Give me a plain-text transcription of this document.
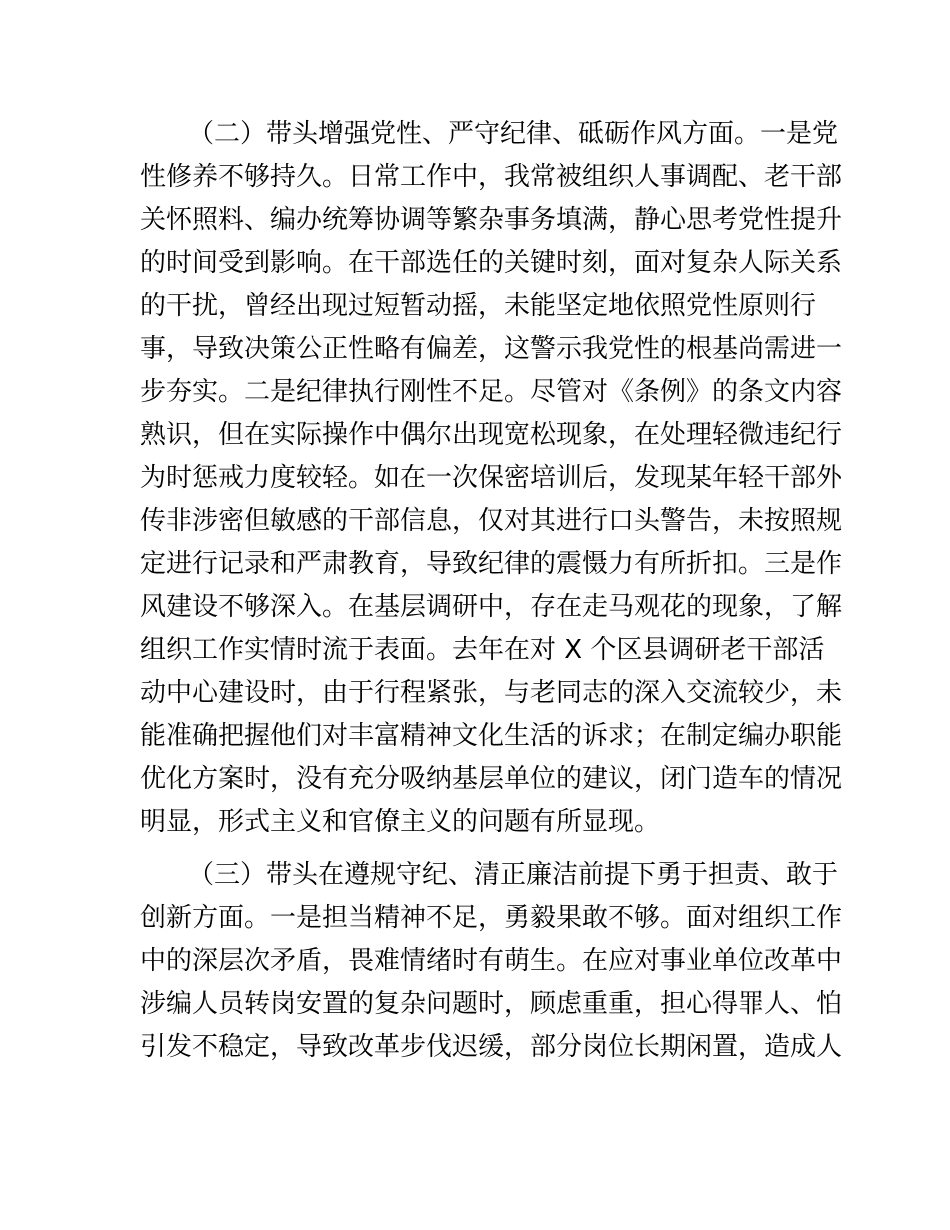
（二）带头增强党性、严守纪律、砥砺作风方面。一是党
性修养不够持久。日常工作中，我常被组织人事调配、老干部
关怀照料、编办统筹协调等繁杂事务填满，静心思考党性提升
的时间受到影响。在干部选任的关键时刻，面对复杂人际关系
的干扰，曾经出现过短暂动摇，未能坚定地依照党性原则行
事，导致决策公正性略有偏差，这警示我党性的根基尚需进一
步夯实。二是纪律执行刚性不足。尽管对《条例》的条文内容
熟识，但在实际操作中偶尔出现宽松现象，在处理轻微违纪行
为时惩戒力度较轻。如在一次保密培训后，发现某年轻干部外
传非涉密但敏感的干部信息，仅对其进行口头警告，未按照规
定进行记录和严肃教育，导致纪律的震慑力有所折扣。三是作
风建设不够深入。在基层调研中，存在走马观花的现象，了解
组织工作实情时流于表面。去年在对 X 个区县调研老干部活
动中心建设时，由于行程紧张，与老同志的深入交流较少，未
能准确把握他们对丰富精神文化生活的诉求；在制定编办职能
优化方案时，没有充分吸纳基层单位的建议，闭门造车的情况
明显，形式主义和官僚主义的问题有所显现。
（三）带头在遵规守纪、清正廉洁前提下勇于担责、敢于
创新方面。一是担当精神不足，勇毅果敢不够。面对组织工作
中的深层次矛盾，畏难情绪时有萌生。在应对事业单位改革中
涉编人员转岗安置的复杂问题时，顾虑重重，担心得罪人、怕
引发不稳定，导致改革步伐迟缓，部分岗位长期闲置，造成人
